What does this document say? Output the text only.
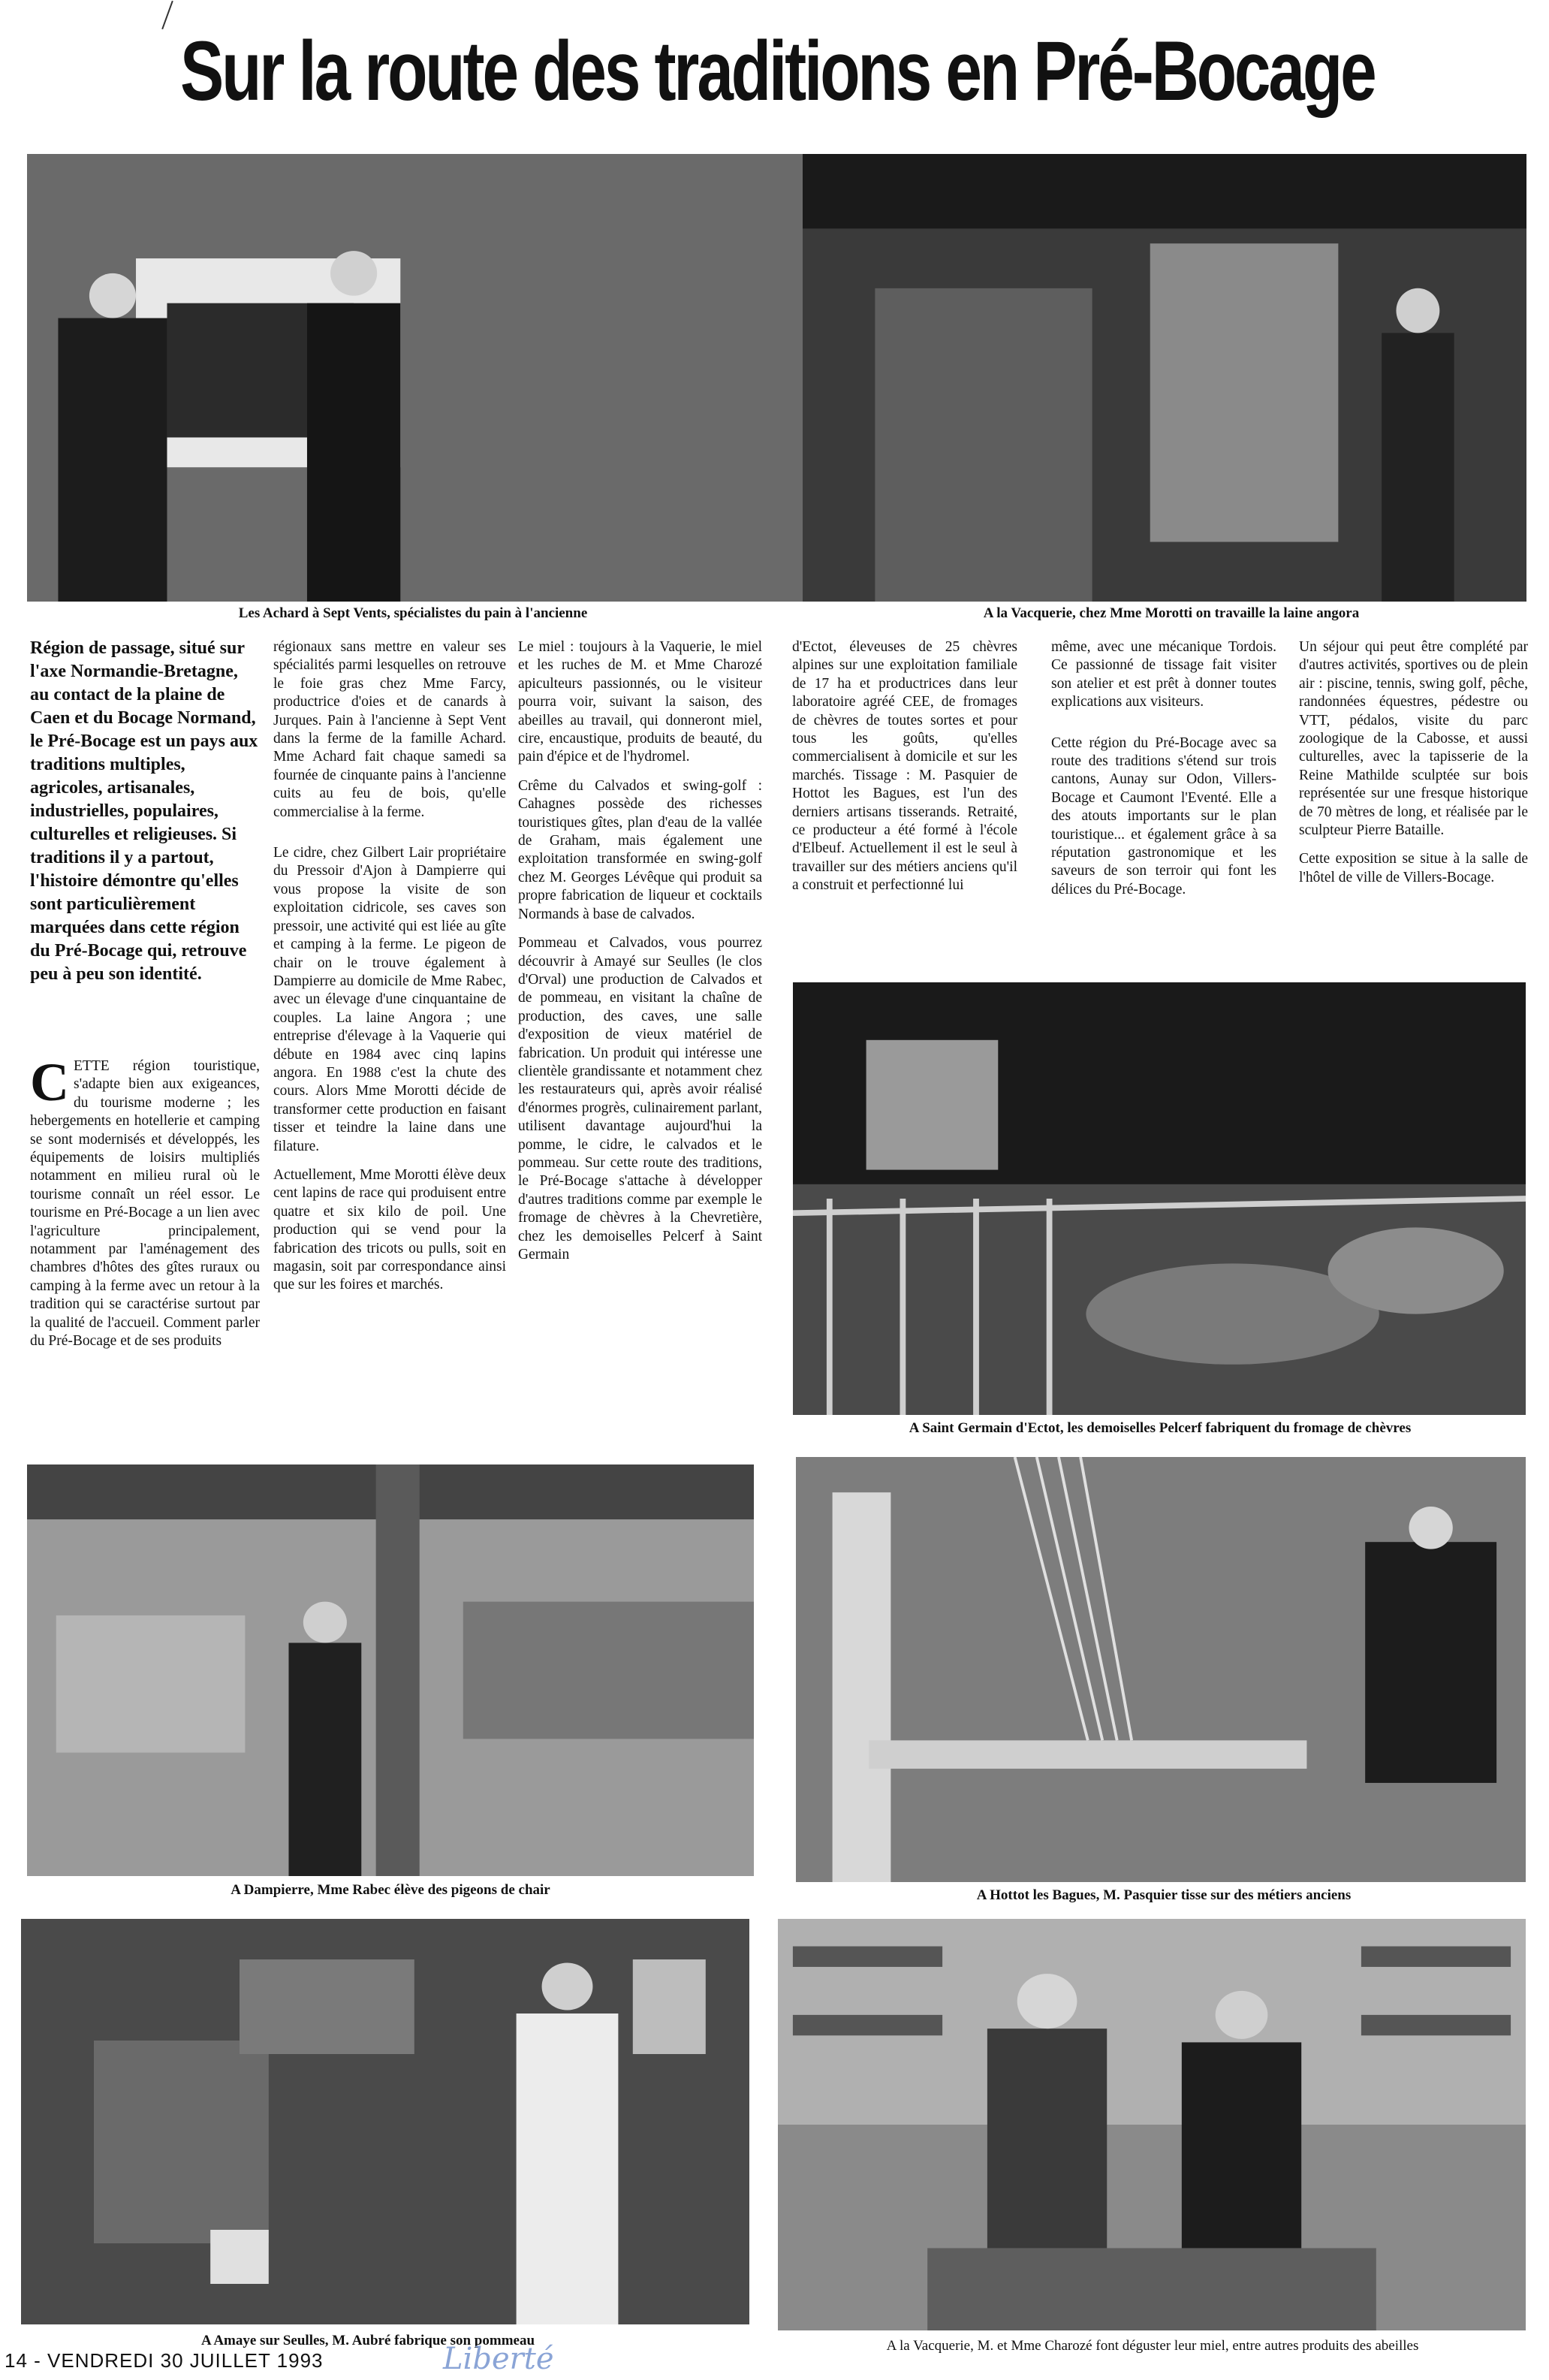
Sur la route des traditions en Pré-Bocage
Les Achard à Sept Vents, spécialistes du pain à l'ancienne	A la Vacquerie, chez Mme Morotti on travaille la laine angora
Région de passage, situé sur l'axe Normandie-Bretagne, au contact de la plaine de Caen et du Bocage Normand, le Pré-Bocage est un pays aux traditions multiples, agricoles, artisanales, industrielles, populaires, culturelles et religieuses. Si traditions il y a partout, l'histoire démontre qu'elles sont particulièrement marquées dans cette région du Pré-Bocage qui, retrouve peu à peu son identité.
CETTE région touristique, s'adapte bien aux exigeances, du tourisme moderne ; les hebergements en hotellerie et camping se sont modernisés et développés, les équipements de loisirs multipliés notamment en milieu rural où le tourisme connaît un réel essor. Le tourisme en Pré-Bocage a un lien avec l'agriculture principalement, notamment par l'aménagement des chambres d'hôtes des gîtes ruraux ou camping à la ferme avec un retour à la tradition qui se caractérise surtout par la qualité de l'accueil. Comment parler du Pré-Bocage et de ses produits

régionaux sans mettre en valeur ses spécialités parmi lesquelles on retrouve le foie gras chez Mme Farcy, productrice d'oies et de canards à Jurques. Pain à l'ancienne à Sept Vent dans la ferme de la famille Achard. Mme Achard fait chaque samedi sa fournée de cinquante pains à l'ancienne cuits au feu de bois, qu'elle commercialise à la ferme.

Le cidre, chez Gilbert Lair propriétaire du Pressoir d'Ajon à Dampierre qui vous propose la visite de son exploitation cidricole, ses caves son pressoir, une activité qui est liée au gîte et camping à la ferme. Le pigeon de chair on le trouve également à Dampierre au domicile de Mme Rabec, avec un élevage d'une cinquantaine de couples. La laine Angora ; une entreprise d'élevage à la Vaquerie qui débute en 1984 avec cinq lapins angora. En 1988 c'est la chute des cours. Alors Mme Morotti décide de transformer cette production en faisant tisser et teindre la laine dans une filature.

Actuellement, Mme Morotti élève deux cent lapins de race qui produisent entre quatre et six kilo de poil. Une production qui se vend pour la fabrication des tricots ou pulls, soit en magasin, soit par correspondance ainsi que sur les foires et marchés.

Le miel : toujours à la Vaquerie, le miel et les ruches de M. et Mme Charozé apiculteurs passionnés, ou le visiteur pourra voir, suivant la saison, des abeilles au travail, qui donneront miel, cire, encaustique, produits de beauté, du pain d'épice et de l'hydromel.

Crême du Calvados et swing-golf : Cahagnes possède des richesses touristiques gîtes, plan d'eau de la vallée de Graham, mais également une exploitation transformée en swing-golf chez M. Georges Lévêque qui produit sa propre fabrication de liqueur et cocktails Normands à base de calvados.

Pommeau et Calvados, vous pourrez découvrir à Amayé sur Seulles (le clos d'Orval) une production de Calvados et de pommeau, en visitant la chaîne de production, des caves, une salle d'exposition de vieux matériel de fabrication. Un produit qui intéresse une clientèle grandissante et notamment chez les restaurateurs qui, après avoir réalisé d'énormes progrès, culinairement parlant, utilisent davantage aujourd'hui la pomme, le cidre, le calvados et le pommeau. Sur cette route des traditions, le Pré-Bocage s'attache à développer d'autres traditions comme par exemple le fromage de chèvres à la Chevretière, chez les demoiselles Pelcerf à Saint Germain

d'Ectot, éleveuses de 25 chèvres alpines sur une exploitation familiale de 17 ha et productrices dans leur laboratoire agréé CEE, de fromages de chèvres de toutes sortes et pour tous les goûts, qu'elles commercialisent à domicile et sur les marchés. Tissage : M. Pasquier de Hottot les Bagues, est l'un des derniers artisans tisserands. Retraité, ce producteur a été formé à l'école d'Elbeuf. Actuellement il est le seul à travailler sur des métiers anciens qu'il a construit et perfectionné lui

même, avec une mécanique Tordois. Ce passionné de tissage fait visiter son atelier et est prêt à donner toutes explications aux visiteurs.

Cette région du Pré-Bocage avec sa route des traditions s'étend sur trois cantons, Aunay sur Odon, Villers-Bocage et Caumont l'Eventé. Elle a des atouts importants sur le plan touristique... et également grâce à sa réputation gastronomique et les saveurs de son terroir qui font les délices du Pré-Bocage.

Un séjour qui peut être complété par d'autres activités, sportives ou de plein air : piscine, tennis, swing golf, pêche, randonnées équestres, pédestre ou VTT, pédalos, visite du parc zoologique de la Cabosse, et aussi culturelles, avec la tapisserie de la Reine Mathilde sculptée sur bois représentée sur une fresque historique de 70 mètres de long, et réalisée par le sculpteur Pierre Bataille.

Cette exposition se situe à la salle de l'hôtel de ville de Villers-Bocage.

A Saint Germain d'Ectot, les demoiselles Pelcerf fabriquent du fromage de chèvres
A Dampierre, Mme Rabec élève des pigeons de chair	A Hottot les Bagues, M. Pasquier tisse sur des métiers anciens
A Amaye sur Seulles, M. Aubré fabrique son pommeau	A la Vacquerie, M. et Mme Charozé font déguster leur miel, entre autres produits des abeilles
14 - VENDREDI 30 JUILLET 1993	Liberté
